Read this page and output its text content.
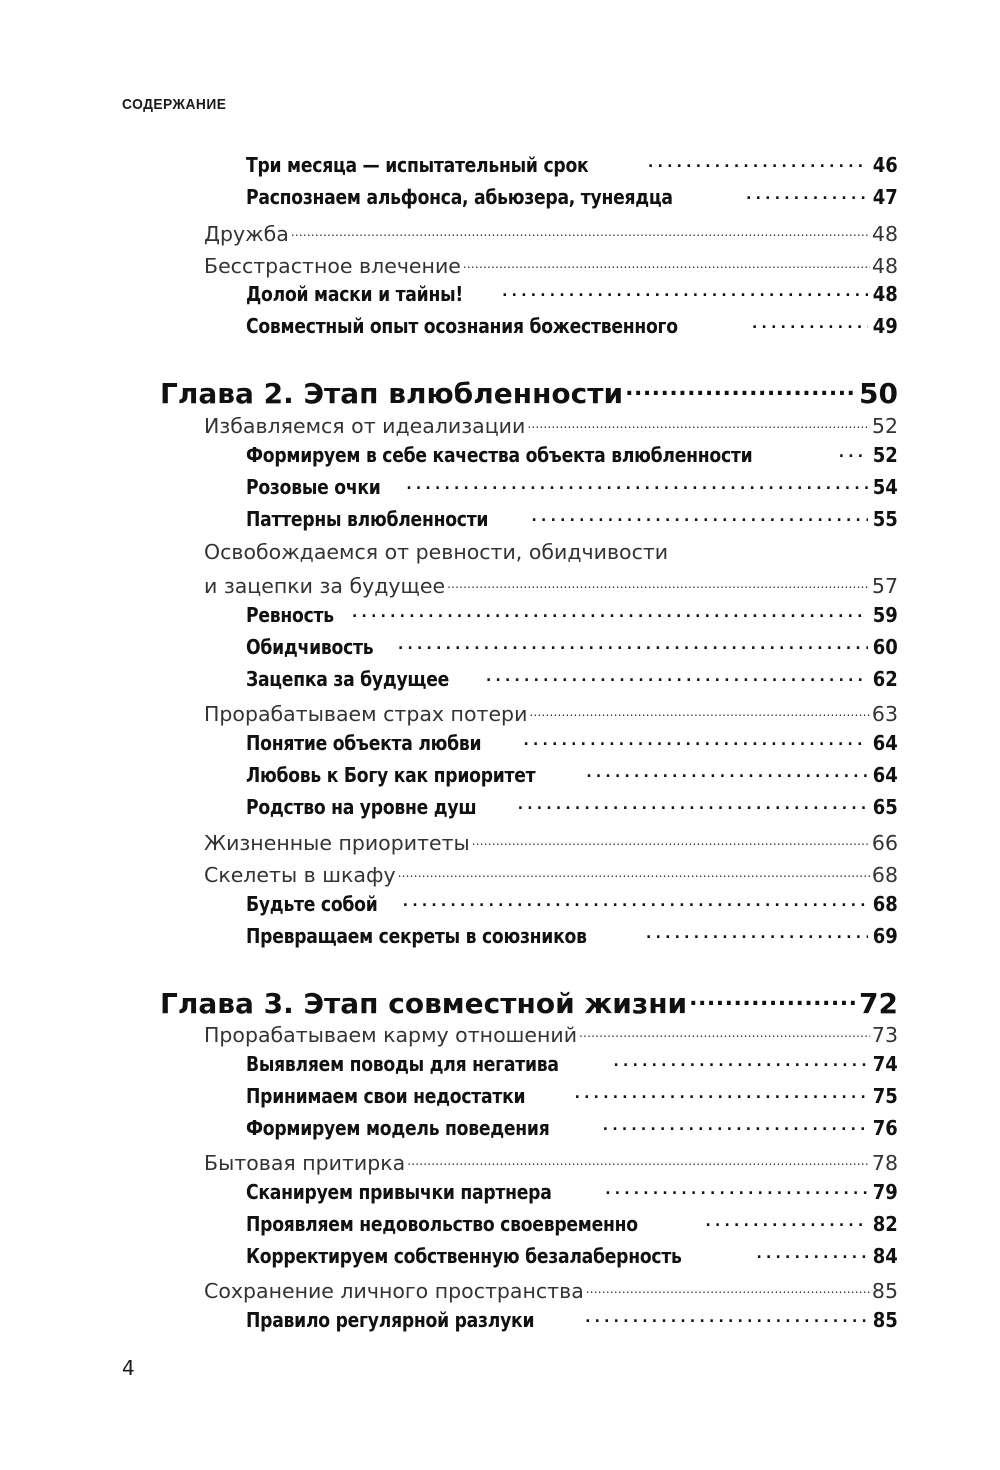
СОДЕРЖАНИЕ
Три месяца — испытательный срок .....	46
Распознаем альфонса, абьюзера, тунеядца .....	47
Дружба .....	48
Бесстрастное влечение .....	48
Долой маски и тайны! .....	48
Совместный опыт осознания божественного .....	49
Глава 2. Этап влюбленности .....	50
Избавляемся от идеализации .....	52
Формируем в себе качества объекта влюбленности .....	52
Розовые очки .....	54
Паттерны влюбленности .....	55
Освобождаемся от ревности, обидчивости
и зацепки за будущее .....	57
Ревность .....	59
Обидчивость .....	60
Зацепка за будущее .....	62
Прорабатываем страх потери .....	63
Понятие объекта любви .....	64
Любовь к Богу как приоритет .....	64
Родство на уровне душ .....	65
Жизненные приоритеты .....	66
Скелеты в шкафу .....	68
Будьте собой .....	68
Превращаем секреты в союзников .....	69
Глава 3. Этап совместной жизни .....	72
Прорабатываем карму отношений .....	73
Выявляем поводы для негатива .....	74
Принимаем свои недостатки .....	75
Формируем модель поведения .....	76
Бытовая притирка .....	78
Сканируем привычки партнера .....	79
Проявляем недовольство своевременно .....	82
Корректируем собственную безалаберность .....	84
Сохранение личного пространства .....	85
Правило регулярной разлуки .....	85
4
